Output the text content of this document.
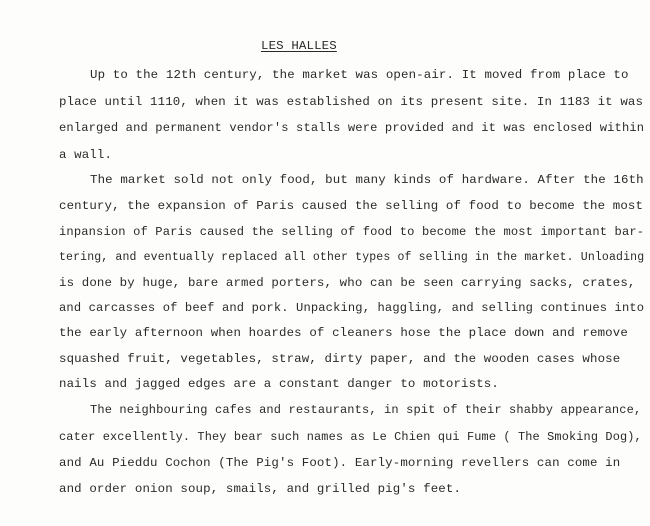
LES HALLES
Up to the 12th century, the market was open-air. It moved from place to
place until 1110, when it was established on its present site. In 1183 it was
enlarged and permanent vendor's stalls were provided and it was enclosed within
a wall.
The market sold not only food, but many kinds of hardware. After the 16th
century, the expansion of Paris caused the selling of food to become the most
inpansion of Paris caused the selling of food to become the most important bar-
tering, and eventually replaced all other types of selling in the market. Unloading
is done by huge, bare armed porters, who can be seen carrying sacks, crates,
and carcasses of beef and pork. Unpacking, haggling, and selling continues into
the early afternoon when hoardes of cleaners hose the place down and remove
squashed fruit, vegetables, straw, dirty paper, and the wooden cases whose
nails and jagged edges are a constant danger to motorists.
The neighbouring cafes and restaurants, in spit of their shabby appearance,
cater excellently. They bear such names as Le Chien qui Fume ( The Smoking Dog),
and Au Pieddu Cochon (The Pig's Foot). Early-morning revellers can come in
and order onion soup, smails, and grilled pig's feet.
